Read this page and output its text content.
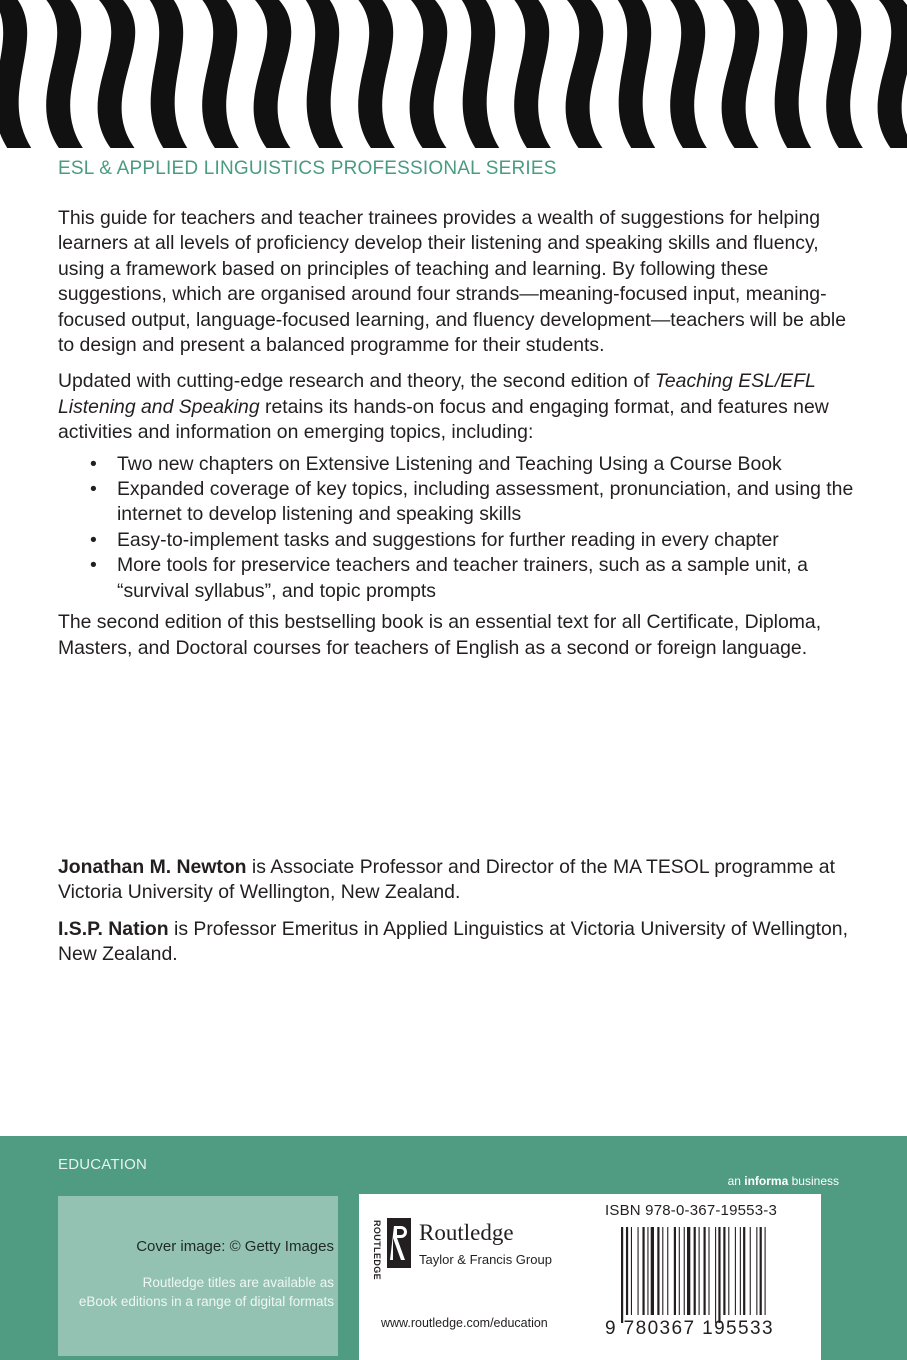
ESL & APPLIED LINGUISTICS PROFESSIONAL SERIES

This guide for teachers and teacher trainees provides a wealth of suggestions for helping learners at all levels of proficiency develop their listening and speaking skills and fluency, using a framework based on principles of teaching and learning. By following these suggestions, which are organised around four strands—meaning-focused input, meaning-focused output, language-focused learning, and fluency development—teachers will be able to design and present a balanced programme for their students.

Updated with cutting-edge research and theory, the second edition of Teaching ESL/EFL Listening and Speaking retains its hands-on focus and engaging format, and features new activities and information on emerging topics, including:

• Two new chapters on Extensive Listening and Teaching Using a Course Book
• Expanded coverage of key topics, including assessment, pronunciation, and using the internet to develop listening and speaking skills
• Easy-to-implement tasks and suggestions for further reading in every chapter
• More tools for preservice teachers and teacher trainers, such as a sample unit, a “survival syllabus”, and topic prompts

The second edition of this bestselling book is an essential text for all Certificate, Diploma, Masters, and Doctoral courses for teachers of English as a second or foreign language.

Jonathan M. Newton is Associate Professor and Director of the MA TESOL programme at Victoria University of Wellington, New Zealand.

I.S.P. Nation is Professor Emeritus in Applied Linguistics at Victoria University of Wellington, New Zealand.

EDUCATION
an informa business
Cover image: © Getty Images
Routledge titles are available as
eBook editions in a range of digital formats
ROUTLEDGE Routledge
Taylor & Francis Group
www.routledge.com/education
ISBN 978-0-367-19553-3
9 780367 195533
